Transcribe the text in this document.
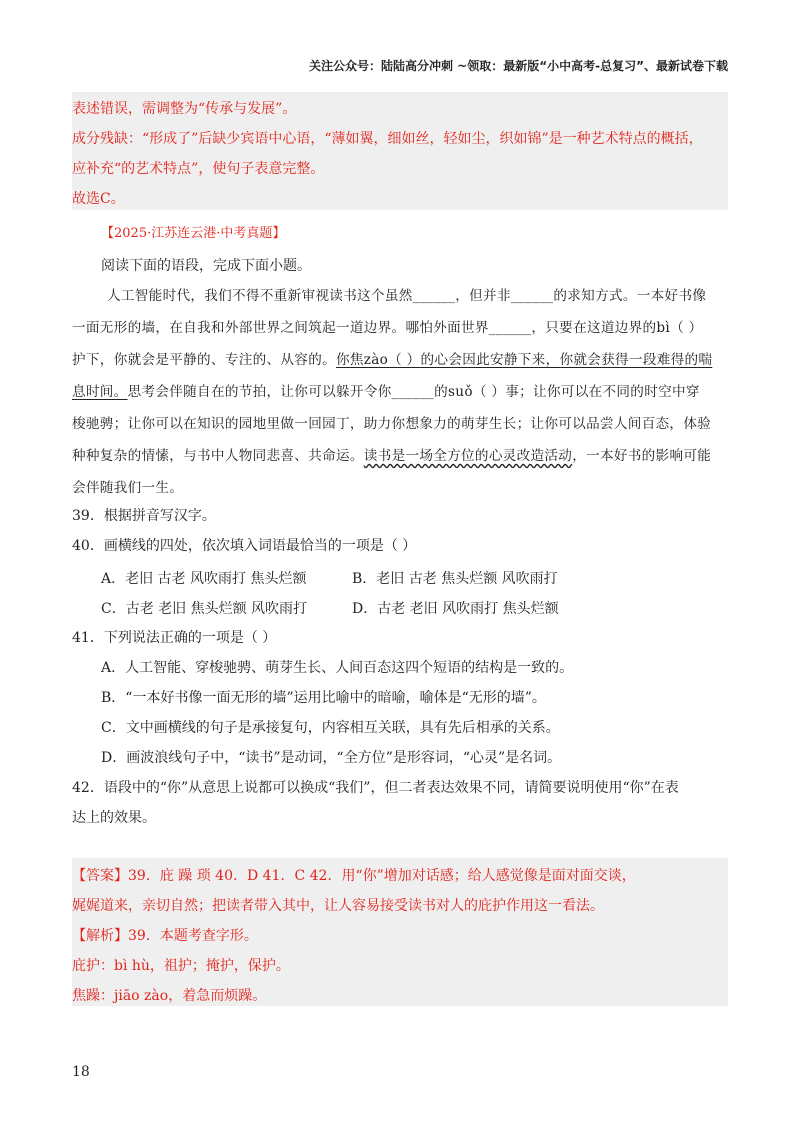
关注公众号：陆陆高分冲刺 ~领取：最新版“小中高考-总复习”、最新试卷下载
表述错误，需调整为“传承与发展”。
成分残缺：“形成了”后缺少宾语中心语，“薄如翼，细如丝，轻如尘，织如锦”是一种艺术特点的概括，
应补充“的艺术特点”，使句子表意完整。
故选C。
【2025·江苏连云港·中考真题】
阅读下面的语段，完成下面小题。
人工智能时代，我们不得不重新审视读书这个虽然______，但并非______的求知方式。一本好书像
一面无形的墙，在自我和外部世界之间筑起一道边界。哪怕外面世界______，只要在这道边界的bì（ ）
护下，你就会是平静的、专注的、从容的。你焦zào（ ）的心会因此安静下来，你就会获得一段难得的喘
息时间。思考会伴随自在的节拍，让你可以躲开令你______的suǒ（ ）事；让你可以在不同的时空中穿
梭驰骋；让你可以在知识的园地里做一回园丁，助力你想象力的萌芽生长；让你可以品尝人间百态，体验
种种复杂的情愫，与书中人物同悲喜、共命运。读书是一场全方位的心灵改造活动，一本好书的影响可能
会伴随我们一生。
39．根据拼音写汉字。
40．画横线的四处，依次填入词语最恰当的一项是（ ）
A．老旧 古老 风吹雨打 焦头烂额	B．老旧 古老 焦头烂额 风吹雨打
C．古老 老旧 焦头烂额 风吹雨打	D．古老 老旧 风吹雨打 焦头烂额
41．下列说法正确的一项是（ ）
A．人工智能、穿梭驰骋、萌芽生长、人间百态这四个短语的结构是一致的。
B．“一本好书像一面无形的墙”运用比喻中的暗喻，喻体是“无形的墙”。
C．文中画横线的句子是承接复句，内容相互关联，具有先后相承的关系。
D．画波浪线句子中，“读书”是动词，“全方位”是形容词，“心灵”是名词。
42．语段中的“你”从意思上说都可以换成“我们”，但二者表达效果不同，请简要说明使用“你”在表
达上的效果。
【答案】39．庇 躁 琐 40．D 41．C 42．用“你”增加对话感；给人感觉像是面对面交谈，
娓娓道来，亲切自然；把读者带入其中，让人容易接受读书对人的庇护作用这一看法。
【解析】39．本题考查字形。
庇护：bì hù，祖护；掩护，保护。
焦躁：jiāo zào，着急而烦躁。
18
